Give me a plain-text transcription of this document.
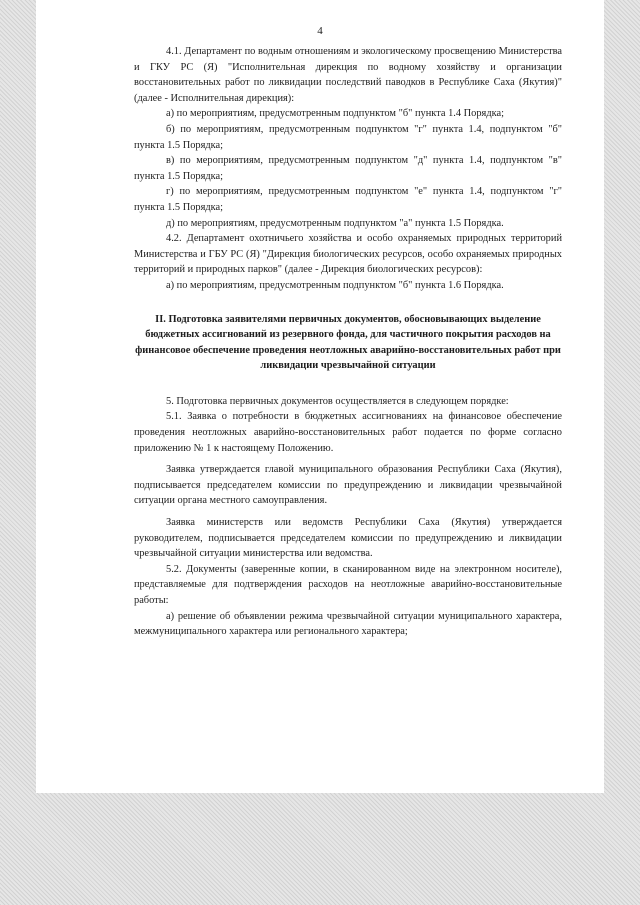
4

4.1. Департамент по водным отношениям и экологическому просвещению Министерства и ГКУ РС (Я) "Исполнительная дирекция по водному хозяйству и организации восстановительных работ по ликвидации последствий паводков в Республике Саха (Якутия)" (далее - Исполнительная дирекция):

а) по мероприятиям, предусмотренным подпунктом "б" пункта 1.4 Порядка;

б) по мероприятиям, предусмотренным подпунктом "г" пункта 1.4, подпунктом "б" пункта 1.5 Порядка;

в) по мероприятиям, предусмотренным подпунктом "д" пункта 1.4, подпунктом "в" пункта 1.5 Порядка;

г) по мероприятиям, предусмотренным подпунктом "е" пункта 1.4, подпунктом "г" пункта 1.5 Порядка;

д) по мероприятиям, предусмотренным подпунктом "а" пункта 1.5 Порядка.

4.2. Департамент охотничьего хозяйства и особо охраняемых природных территорий Министерства и ГБУ РС (Я) "Дирекция биологических ресурсов, особо охраняемых природных территорий и природных парков" (далее - Дирекция биологических ресурсов):

а) по мероприятиям, предусмотренным подпунктом "б" пункта 1.6 Порядка.

II. Подготовка заявителями первичных документов, обосновывающих выделение бюджетных ассигнований из резервного фонда, для частичного покрытия расходов на финансовое обеспечение проведения неотложных аварийно-восстановительных работ при ликвидации чрезвычайной ситуации

5. Подготовка первичных документов осуществляется в следующем порядке:

5.1. Заявка о потребности в бюджетных ассигнованиях на финансовое обеспечение проведения неотложных аварийно-восстановительных работ подается по форме согласно приложению № 1 к настоящему Положению.

Заявка утверждается главой муниципального образования Республики Саха (Якутия), подписывается председателем комиссии по предупреждению и ликвидации чрезвычайной ситуации органа местного самоуправления.

Заявка министерств или ведомств Республики Саха (Якутия) утверждается руководителем, подписывается председателем комиссии по предупреждению и ликвидации чрезвычайной ситуации министерства или ведомства.

5.2. Документы (заверенные копии, в сканированном виде на электронном носителе), представляемые для подтверждения расходов на неотложные аварийно-восстановительные работы:

а) решение об объявлении режима чрезвычайной ситуации муниципального характера, межмуниципального характера или регионального характера;
